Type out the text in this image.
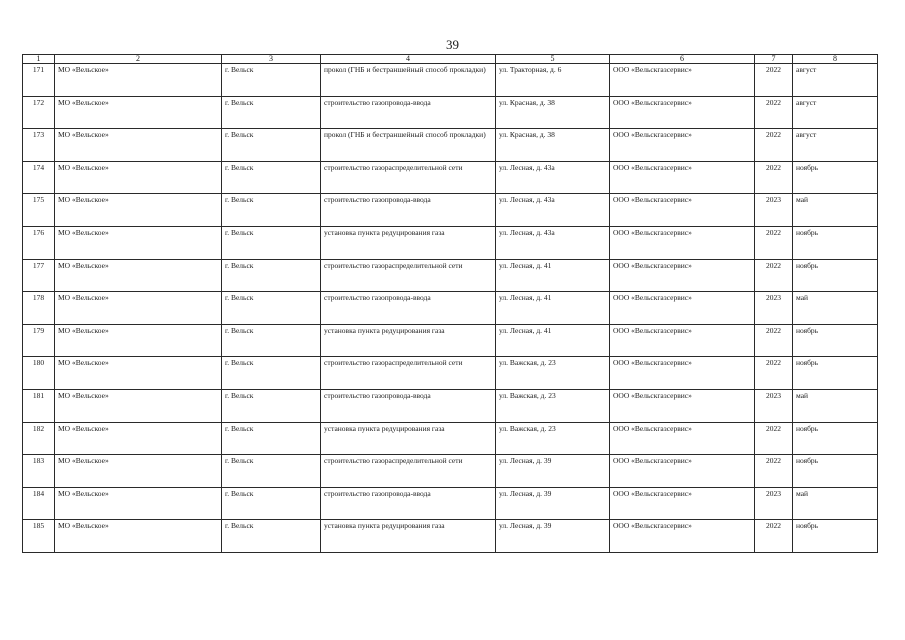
39
1	2	3	4	5	6	7	8
171	МО «Вельское»	г. Вельск	прокол (ГНБ и бестраншейный способ прокладки)	ул. Тракторная, д. 6	ООО «Вельскгазсервис»	2022	август
172	МО «Вельское»	г. Вельск	строительство газопровода-ввода	ул. Красная, д. 38	ООО «Вельскгазсервис»	2022	август
173	МО «Вельское»	г. Вельск	прокол (ГНБ и бестраншейный способ прокладки)	ул. Красная, д. 38	ООО «Вельскгазсервис»	2022	август
174	МО «Вельское»	г. Вельск	строительство газораспределительной сети	ул. Лесная, д. 43а	ООО «Вельскгазсервис»	2022	ноябрь
175	МО «Вельское»	г. Вельск	строительство газопровода-ввода	ул. Лесная, д. 43а	ООО «Вельскгазсервис»	2023	май
176	МО «Вельское»	г. Вельск	установка пункта редуцирования газа	ул. Лесная, д. 43а	ООО «Вельскгазсервис»	2022	ноябрь
177	МО «Вельское»	г. Вельск	строительство газораспределительной сети	ул. Лесная, д. 41	ООО «Вельскгазсервис»	2022	ноябрь
178	МО «Вельское»	г. Вельск	строительство газопровода-ввода	ул. Лесная, д. 41	ООО «Вельскгазсервис»	2023	май
179	МО «Вельское»	г. Вельск	установка пункта редуцирования газа	ул. Лесная, д. 41	ООО «Вельскгазсервис»	2022	ноябрь
180	МО «Вельское»	г. Вельск	строительство газораспределительной сети	ул. Важская, д. 23	ООО «Вельскгазсервис»	2022	ноябрь
181	МО «Вельское»	г. Вельск	строительство газопровода-ввода	ул. Важская, д. 23	ООО «Вельскгазсервис»	2023	май
182	МО «Вельское»	г. Вельск	установка пункта редуцирования газа	ул. Важская, д. 23	ООО «Вельскгазсервис»	2022	ноябрь
183	МО «Вельское»	г. Вельск	строительство газораспределительной сети	ул. Лесная, д. 39	ООО «Вельскгазсервис»	2022	ноябрь
184	МО «Вельское»	г. Вельск	строительство газопровода-ввода	ул. Лесная, д. 39	ООО «Вельскгазсервис»	2023	май
185	МО «Вельское»	г. Вельск	установка пункта редуцирования газа	ул. Лесная, д. 39	ООО «Вельскгазсервис»	2022	ноябрь
